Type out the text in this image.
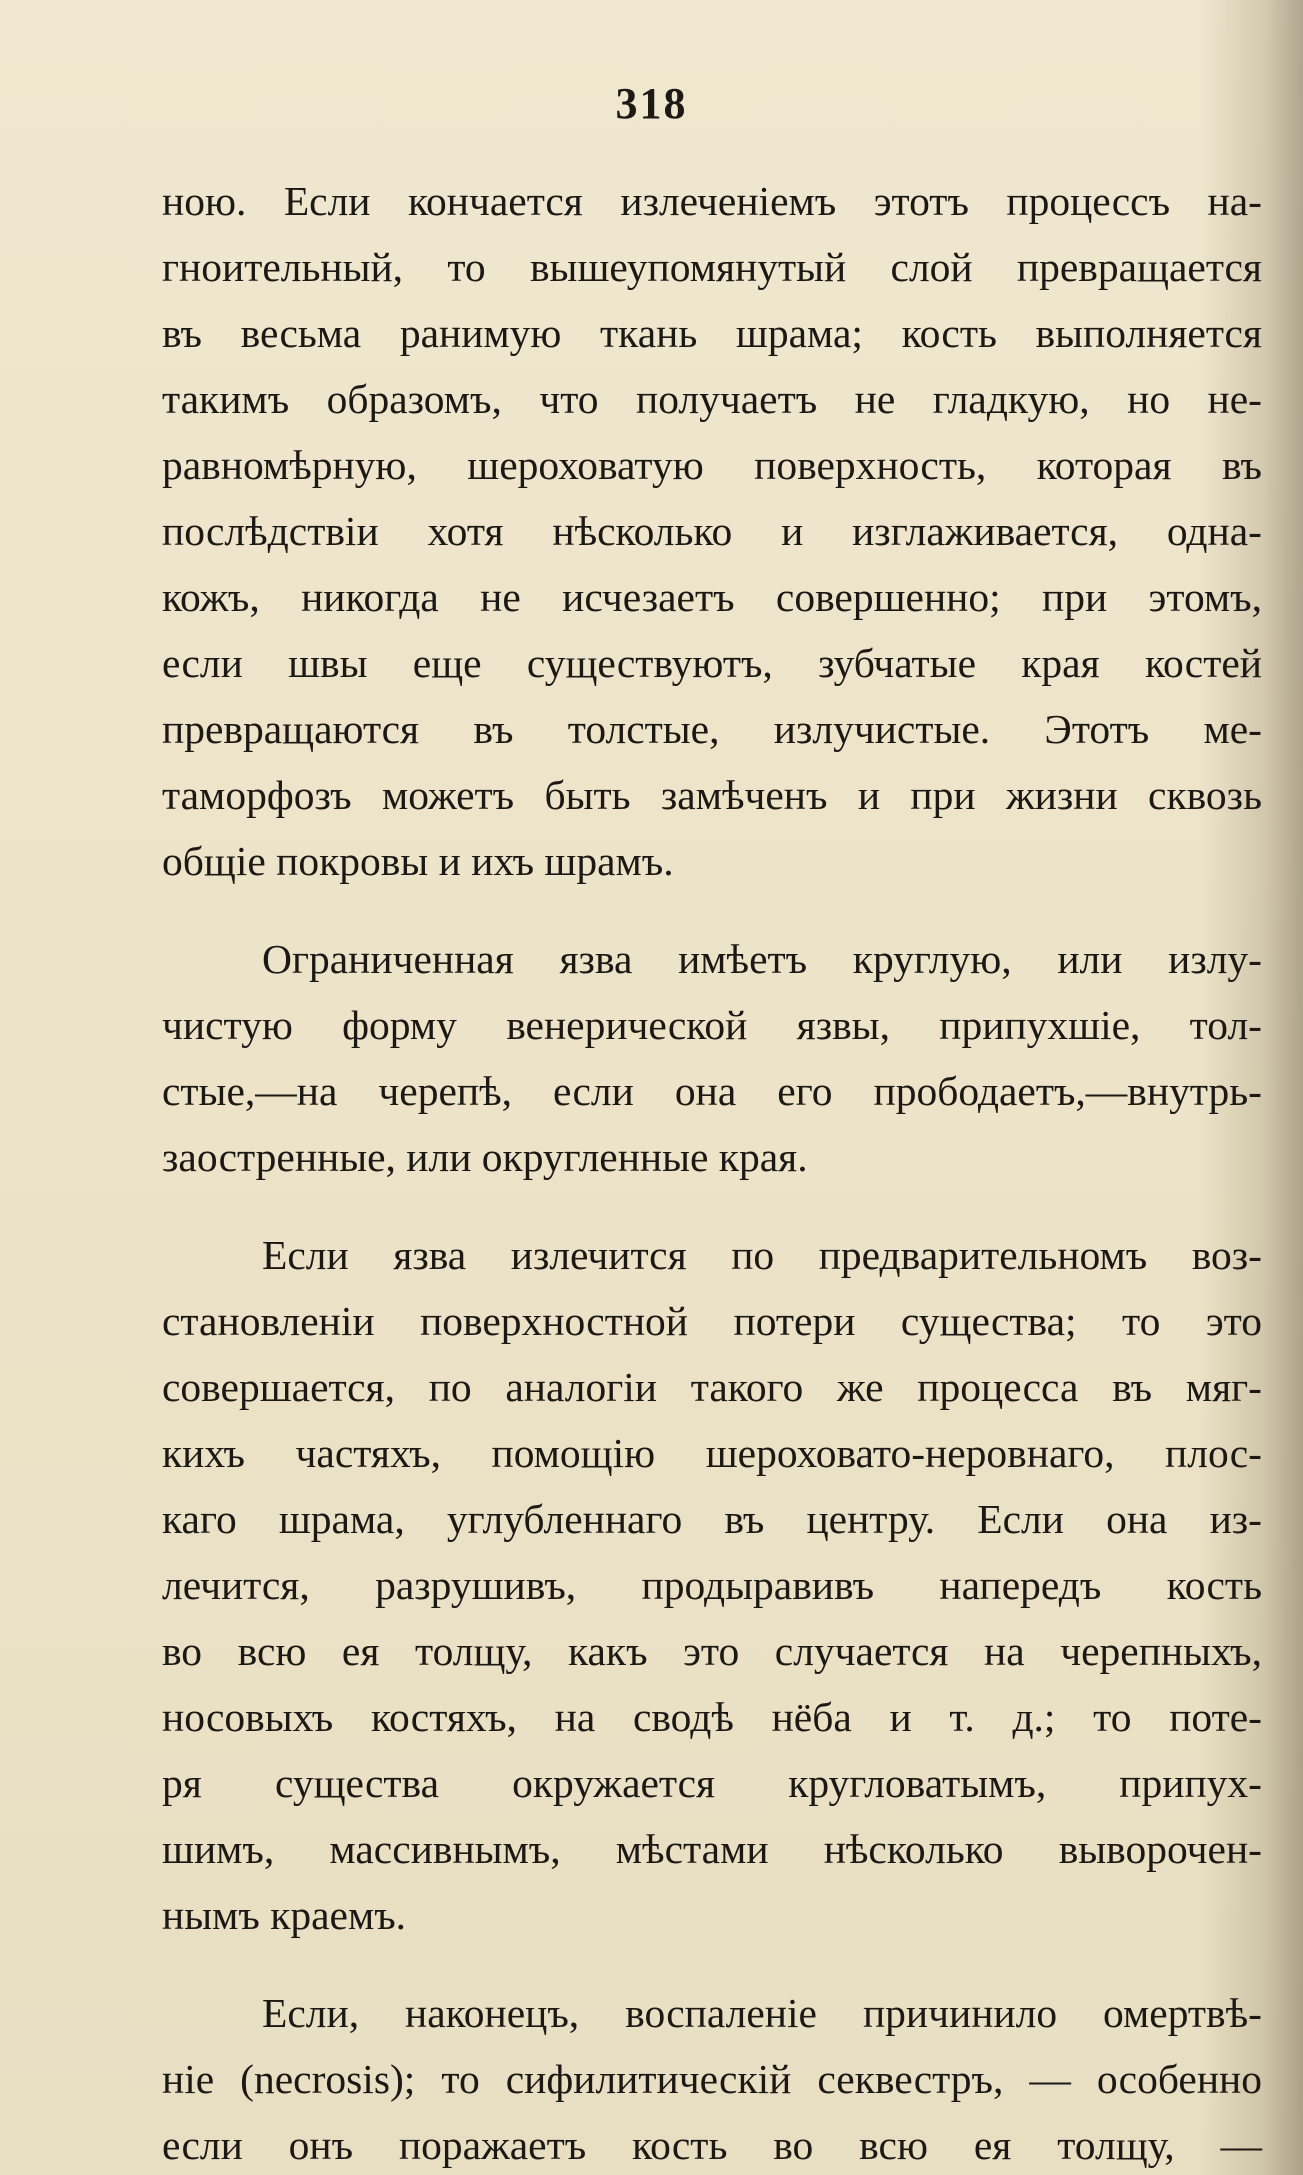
318
ною. Если кончается излеченіемъ этотъ процессъ на-
гноительный, то вышеупомянутый слой превращается
въ весьма ранимую ткань шрама; кость выполняется
такимъ образомъ, что получаетъ не гладкую, но не-
равномѣрную, шероховатую поверхность, которая въ
послѣдствіи хотя нѣсколько и изглаживается, одна-
кожъ, никогда не исчезаетъ совершенно; при этомъ,
если швы еще существуютъ, зубчатые края костей
превращаются въ толстые, излучистые. Этотъ ме-
таморфозъ можетъ быть замѣченъ и при жизни сквозь
общіе покровы и ихъ шрамъ.
Ограниченная язва имѣетъ круглую, или излу-
чистую форму венерической язвы, припухшіе, тол-
стые,—на черепѣ, если она его прободаетъ,—внутрь-
заостренные, или округленные края.
Если язва излечится по предварительномъ воз-
становленіи поверхностной потери существа; то это
совершается, по аналогіи такого же процесса въ мяг-
кихъ частяхъ, помощію шероховато-неровнаго, плос-
каго шрама, углубленнаго въ центру. Если она из-
лечится, разрушивъ, продыравивъ напередъ кость
во всю ея толщу, какъ это случается на черепныхъ,
носовыхъ костяхъ, на сводѣ нёба и т. д.; то поте-
ря существа окружается кругловатымъ, припух-
шимъ, массивнымъ, мѣстами нѣсколько выворочен-
нымъ краемъ.
Если, наконецъ, воспаленіе причинило омертвѣ-
ніе (necrosis); то сифилитическій секвестръ, — особенно
если онъ поражаетъ кость во всю ея толщу, —
